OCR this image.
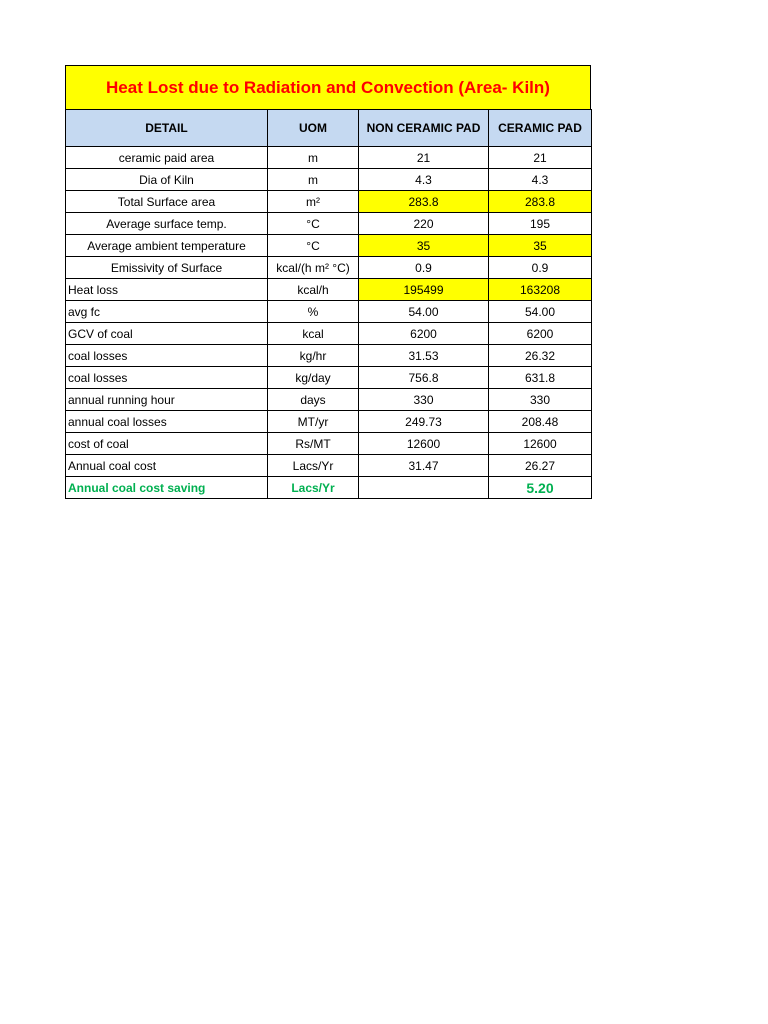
Heat Lost due to Radiation and Convection (Area- Kiln)
DETAIL	UOM	NON CERAMIC PAD	CERAMIC PAD
ceramic paid area	m	21	21
Dia of Kiln	m	4.3	4.3
Total Surface area	m²	283.8	283.8
Average surface temp.	°C	220	195
Average ambient temperature	°C	35	35
Emissivity of Surface	kcal/(h m² °C)	0.9	0.9
Heat loss	kcal/h	195499	163208
avg fc	%	54.00	54.00
GCV of coal	kcal	6200	6200
coal losses	kg/hr	31.53	26.32
coal losses	kg/day	756.8	631.8
annual running hour	days	330	330
annual coal losses	MT/yr	249.73	208.48
cost of coal	Rs/MT	12600	12600
Annual coal cost	Lacs/Yr	31.47	26.27
Annual coal cost saving	Lacs/Yr		5.20
